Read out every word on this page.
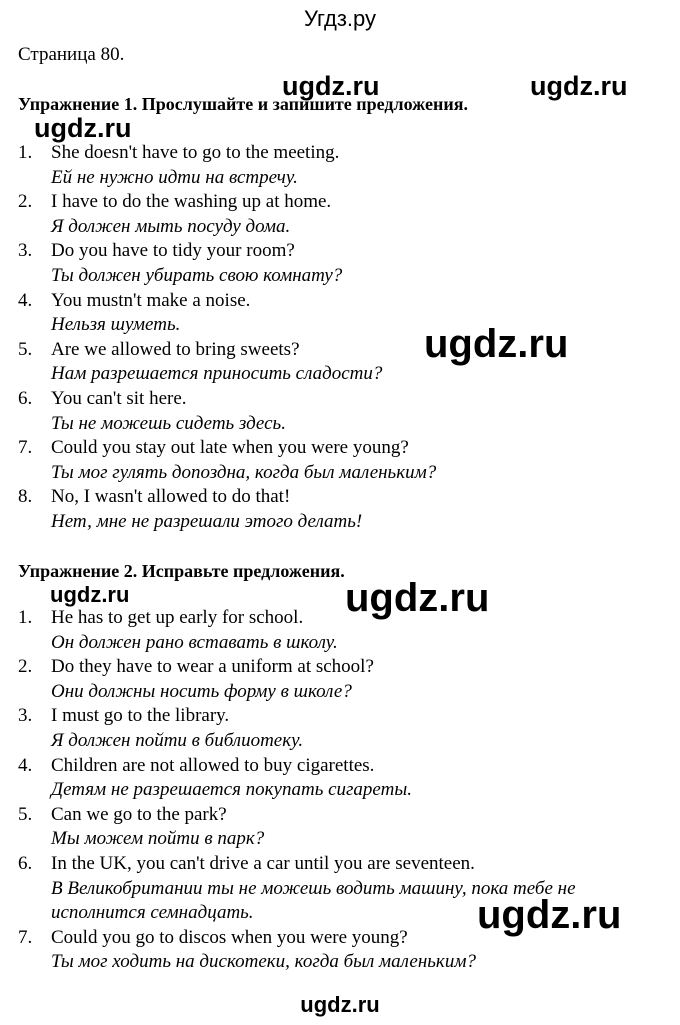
Угдз.ру
Страница 80.
Упражнение 1. Прослушайте и запишите предложения.
1. She doesn't have to go to the meeting.
Ей не нужно идти на встречу.
2. I have to do the washing up at home.
Я должен мыть посуду дома.
3. Do you have to tidy your room?
Ты должен убирать свою комнату?
4. You mustn't make a noise.
Нельзя шуметь.
5. Are we allowed to bring sweets?
Нам разрешается приносить сладости?
6. You can't sit here.
Ты не можешь сидеть здесь.
7. Could you stay out late when you were young?
Ты мог гулять допоздна, когда был маленьким?
8. No, I wasn't allowed to do that!
Нет, мне не разрешали этого делать!
Упражнение 2. Исправьте предложения.
1. He has to get up early for school.
Он должен рано вставать в школу.
2. Do they have to wear a uniform at school?
Они должны носить форму в школе?
3. I must go to the library.
Я должен пойти в библиотеку.
4. Children are not allowed to buy cigarettes.
Детям не разрешается покупать сигареты.
5. Can we go to the park?
Мы можем пойти в парк?
6. In the UK, you can't drive a car until you are seventeen.
В Великобритании ты не можешь водить машину, пока тебе не исполнится семнадцать.
7. Could you go to discos when you were young?
Ты мог ходить на дискотеки, когда был маленьким?
ugdz.ru	ugdz.ru
ugdz.ru
ugdz.ru
ugdz.ru	ugdz.ru
ugdz.ru
ugdz.ru
